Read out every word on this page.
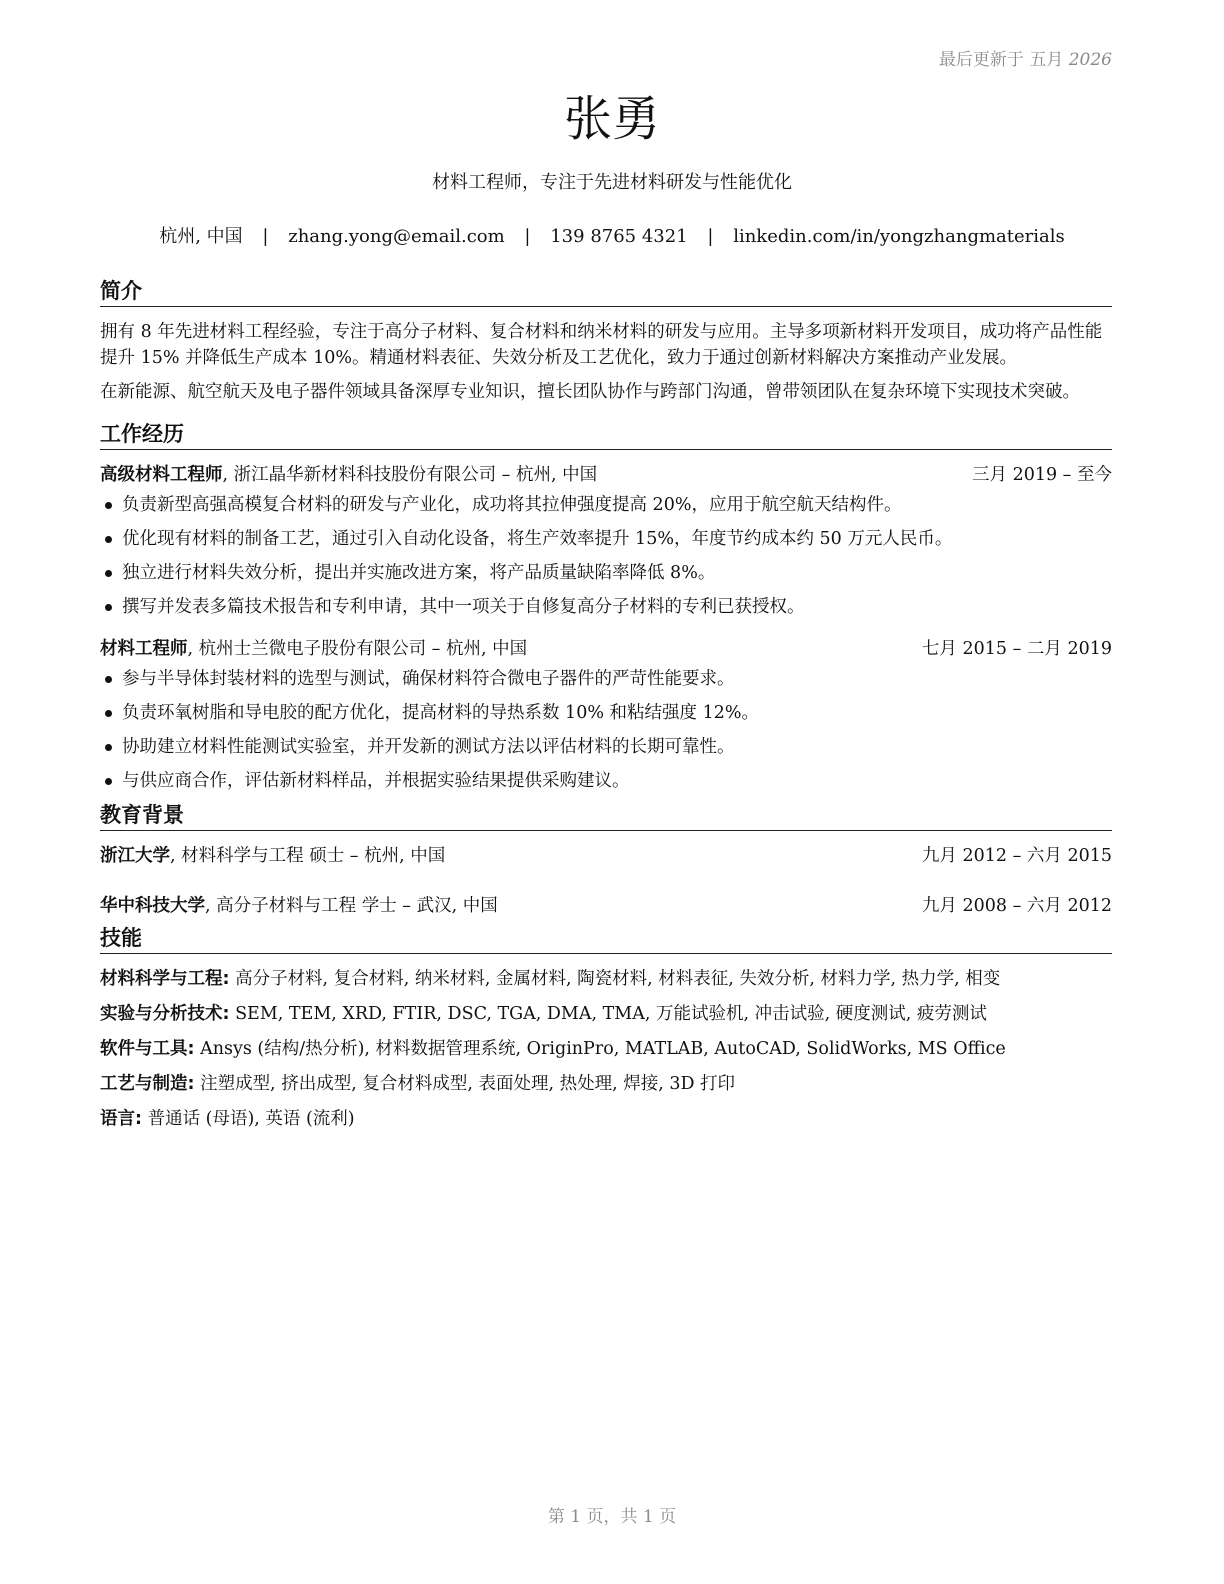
最后更新于 五月 2026
张勇
材料工程师，专注于先进材料研发与性能优化
杭州, 中国 | zhang.yong@email.com | 139 8765 4321 | linkedin.com/in/yongzhangmaterials
简介

拥有 8 年先进材料工程经验，专注于高分子材料、复合材料和纳米材料的研发与应用。主导多项新材料开发项目，成功将产品性能提升 15% 并降低生产成本 10%。精通材料表征、失效分析及工艺优化，致力于通过创新材料解决方案推动产业发展。

在新能源、航空航天及电子器件领域具备深厚专业知识，擅长团队协作与跨部门沟通，曾带领团队在复杂环境下实现技术突破。

工作经历
高级材料工程师, 浙江晶华新材料科技股份有限公司 – 杭州, 中国	三月 2019 – 至今
负责新型高强高模复合材料的研发与产业化，成功将其拉伸强度提高 20%，应用于航空航天结构件。
优化现有材料的制备工艺，通过引入自动化设备，将生产效率提升 15%，年度节约成本约 50 万元人民币。
独立进行材料失效分析，提出并实施改进方案，将产品质量缺陷率降低 8%。
撰写并发表多篇技术报告和专利申请，其中一项关于自修复高分子材料的专利已获授权。
材料工程师, 杭州士兰微电子股份有限公司 – 杭州, 中国	七月 2015 – 二月 2019
参与半导体封装材料的选型与测试，确保材料符合微电子器件的严苛性能要求。
负责环氧树脂和导电胶的配方优化，提高材料的导热系数 10% 和粘结强度 12%。
协助建立材料性能测试实验室，并开发新的测试方法以评估材料的长期可靠性。
与供应商合作，评估新材料样品，并根据实验结果提供采购建议。
教育背景
浙江大学, 材料科学与工程 硕士 – 杭州, 中国	九月 2012 – 六月 2015
华中科技大学, 高分子材料与工程 学士 – 武汉, 中国	九月 2008 – 六月 2012
技能
材料科学与工程: 高分子材料, 复合材料, 纳米材料, 金属材料, 陶瓷材料, 材料表征, 失效分析, 材料力学, 热力学, 相变
实验与分析技术: SEM, TEM, XRD, FTIR, DSC, TGA, DMA, TMA, 万能试验机, 冲击试验, 硬度测试, 疲劳测试
软件与工具: Ansys (结构/热分析), 材料数据管理系统, OriginPro, MATLAB, AutoCAD, SolidWorks, MS Office
工艺与制造: 注塑成型, 挤出成型, 复合材料成型, 表面处理, 热处理, 焊接, 3D 打印
语言: 普通话 (母语), 英语 (流利)
第 1 页，共 1 页
